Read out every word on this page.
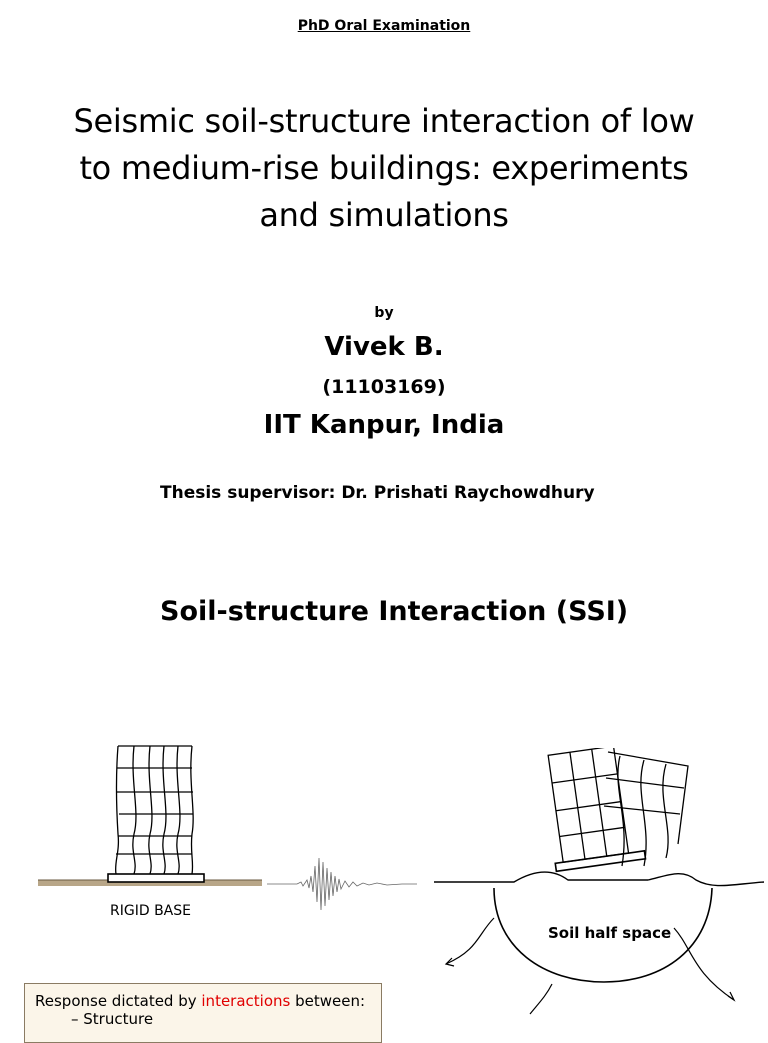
PhD Oral Examination
Seismic soil-structure interaction of low
to medium-rise buildings: experiments
and simulations
by
Vivek B.
(11103169)
IIT Kanpur, India
Thesis supervisor: Dr. Prishati Raychowdhury
Soil-structure Interaction (SSI)
RIGID BASE
Soil half space
Response dictated by interactions between:
– Structure
